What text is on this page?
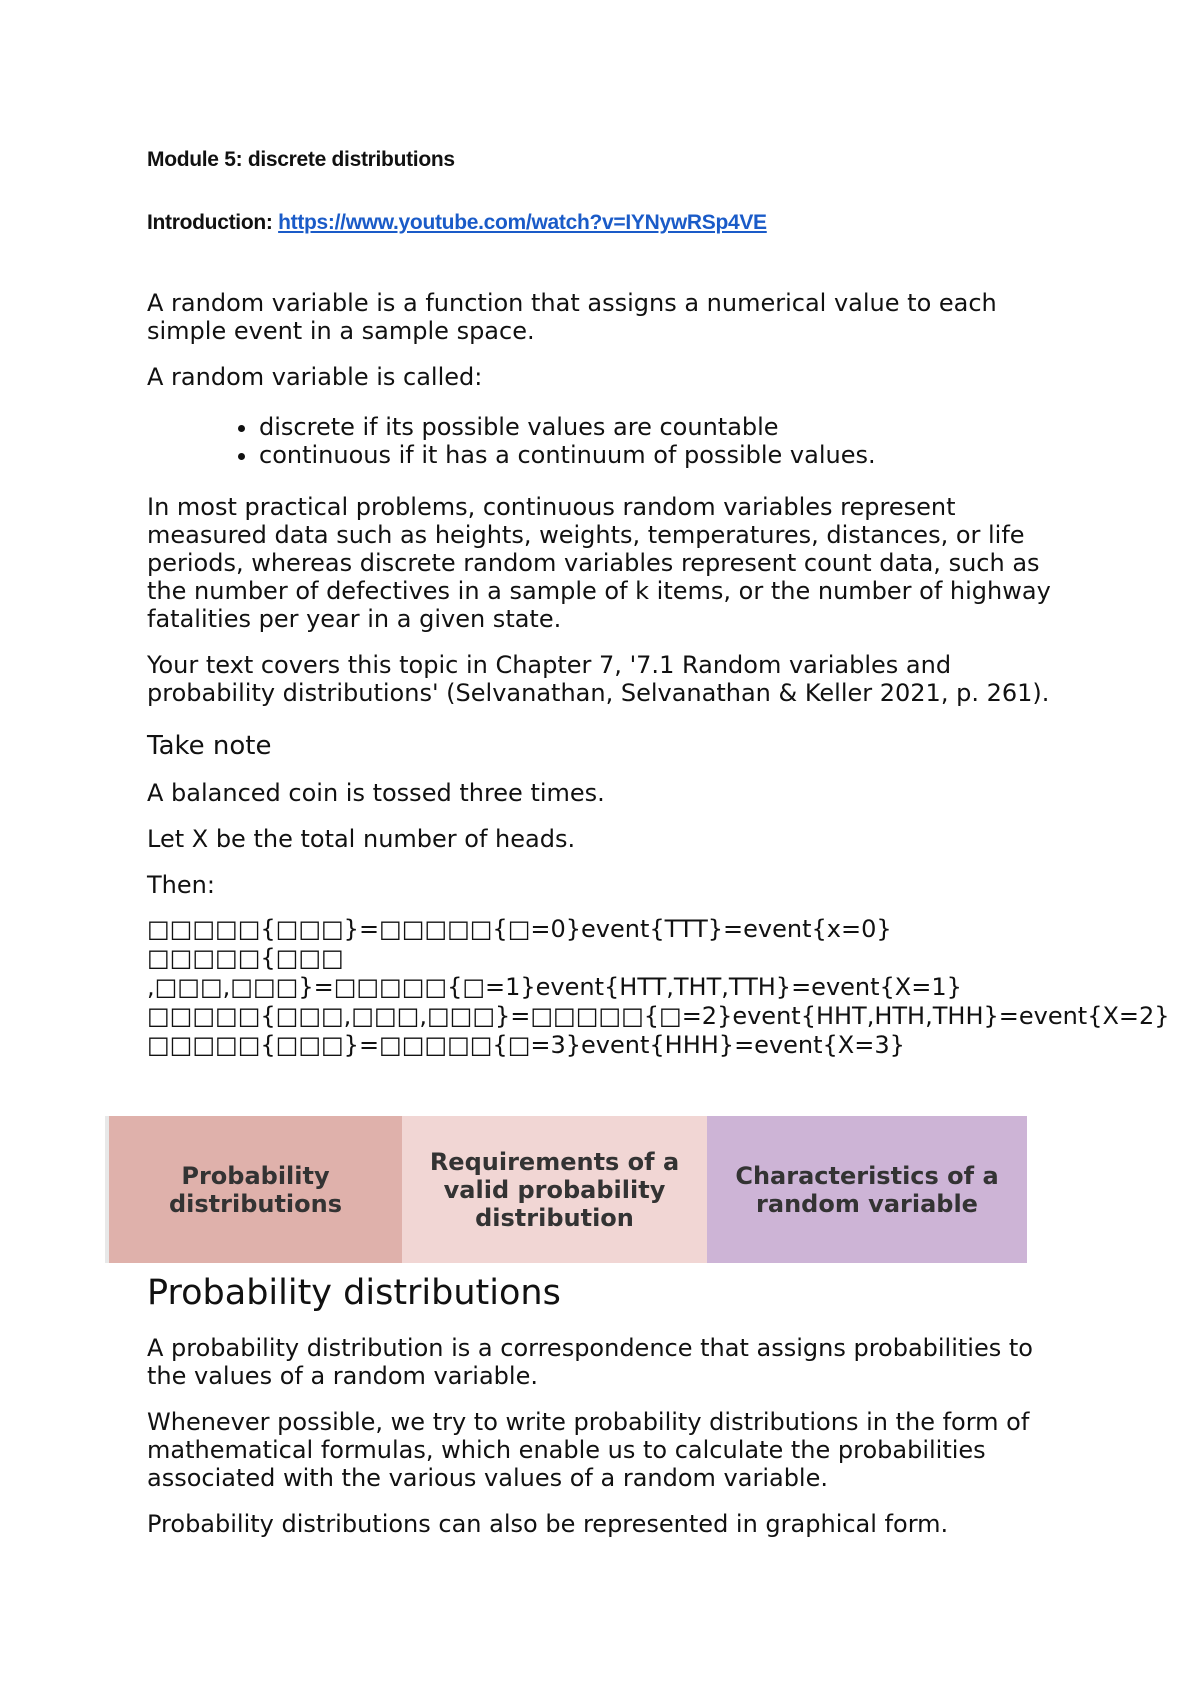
Module 5: discrete distributions

Introduction: https://www.youtube.com/watch?v=IYNywRSp4VE

A random variable is a function that assigns a numerical value to each simple event in a sample space.

A random variable is called:

• discrete if its possible values are countable
• continuous if it has a continuum of possible values.

In most practical problems, continuous random variables represent measured data such as heights, weights, temperatures, distances, or life periods, whereas discrete random variables represent count data, such as the number of defectives in a sample of k items, or the number of highway fatalities per year in a given state.

Your text covers this topic in Chapter 7, '7.1 Random variables and probability distributions' (Selvanathan, Selvanathan & Keller 2021, p. 261).

Take note

A balanced coin is tossed three times.

Let X be the total number of heads.

Then:

□□□□□{□□□}=□□□□□{□=0}event{TTT}=event{x=0}

□□□□□{□□□ ,□□□,□□□}=□□□□□{□=1}event{HTT,THT,TTH}=event{X=1}

□□□□□{□□□,□□□,□□□}=□□□□□{□=2}event{HHT,HTH,THH}=event{X=2}

□□□□□{□□□}=□□□□□{□=3}event{HHH}=event{X=3}

Probability distributions
Requirements of a valid probability distribution
Characteristics of a random variable
Probability distributions

A probability distribution is a correspondence that assigns probabilities to the values of a random variable.

Whenever possible, we try to write probability distributions in the form of mathematical formulas, which enable us to calculate the probabilities associated with the various values of a random variable.

Probability distributions can also be represented in graphical form.
